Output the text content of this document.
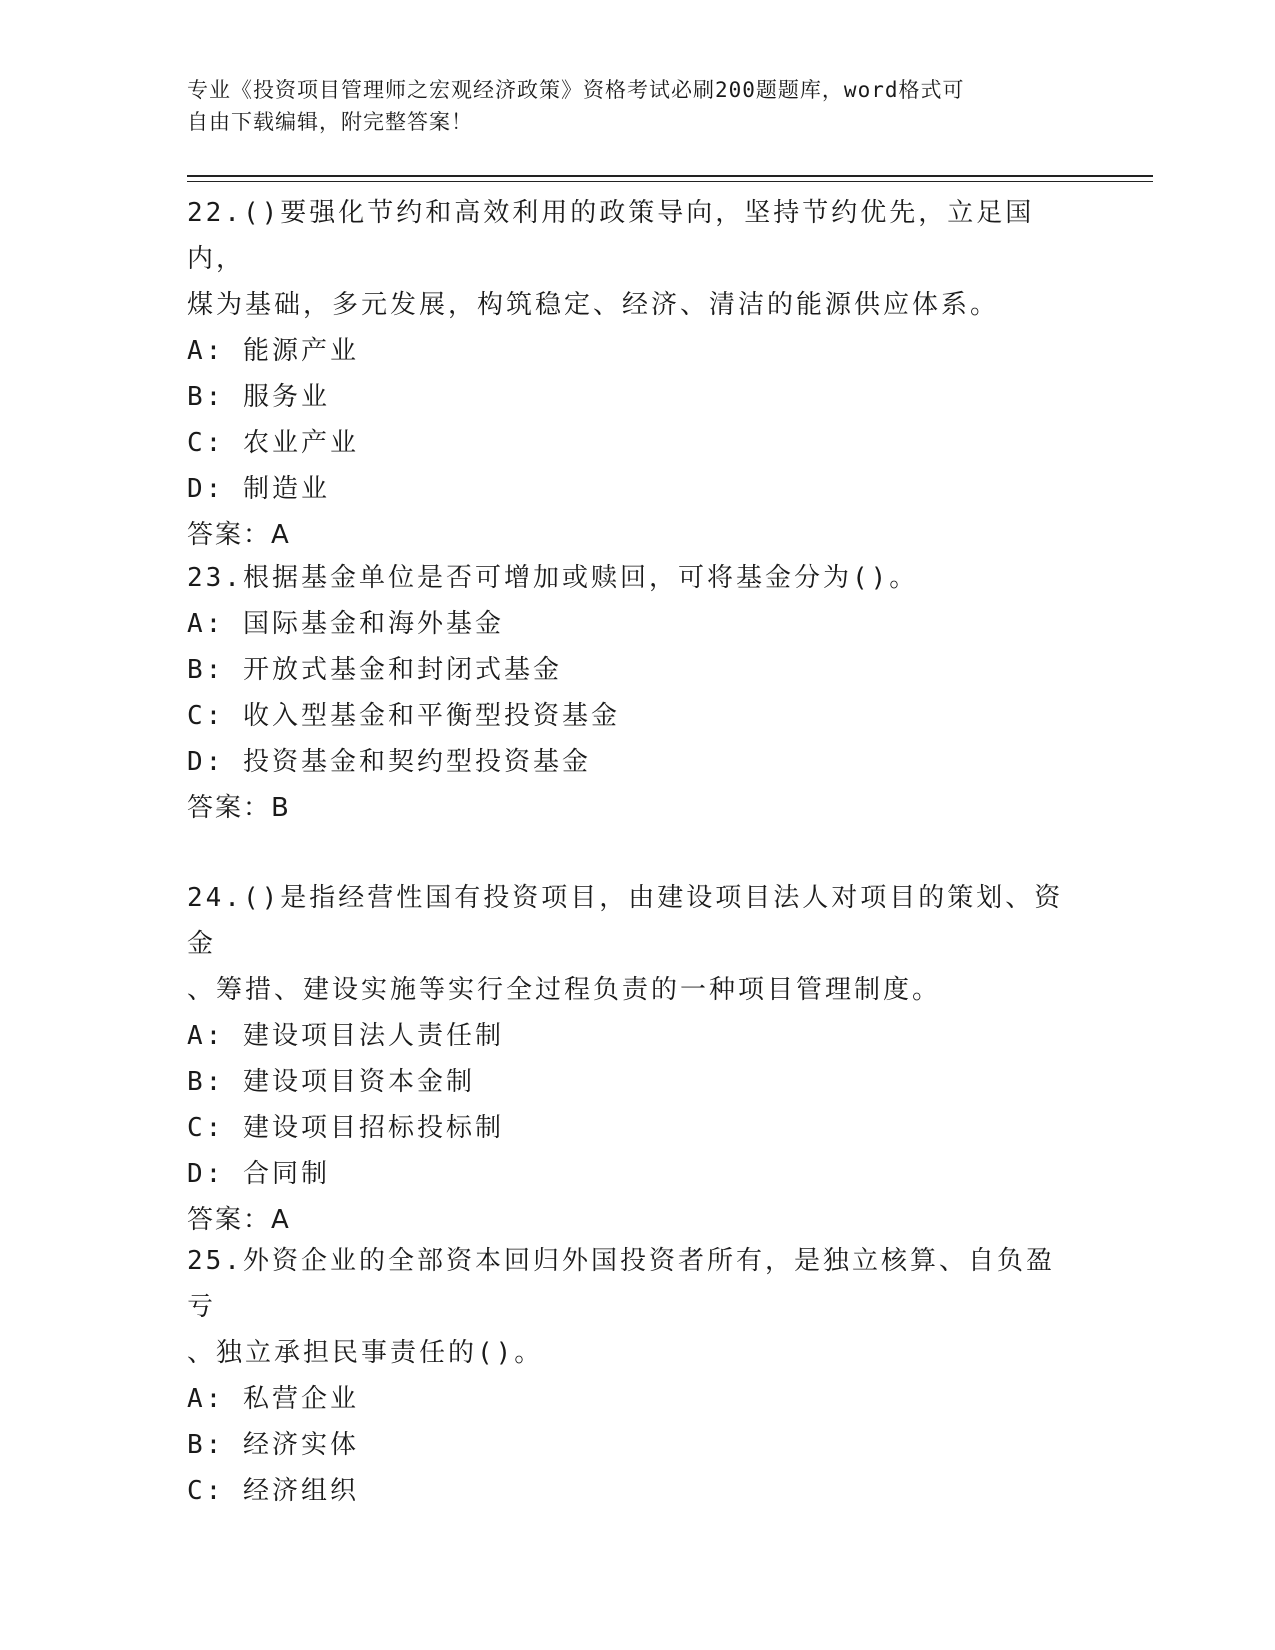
专业《投资项目管理师之宏观经济政策》资格考试必刷200题题库，word格式可
自由下载编辑，附完整答案！
22.()要强化节约和高效利用的政策导向，坚持节约优先，立足国内，
煤为基础，多元发展，构筑稳定、经济、清洁的能源供应体系。
A: 能源产业
B: 服务业
C: 农业产业
D: 制造业
答案：A
23.根据基金单位是否可增加或赎回，可将基金分为()。
A: 国际基金和海外基金
B: 开放式基金和封闭式基金
C: 收入型基金和平衡型投资基金
D: 投资基金和契约型投资基金
答案：B
24.()是指经营性国有投资项目，由建设项目法人对项目的策划、资金
、筹措、建设实施等实行全过程负责的一种项目管理制度。
A: 建设项目法人责任制
B: 建设项目资本金制
C: 建设项目招标投标制
D: 合同制
答案：A
25.外资企业的全部资本回归外国投资者所有，是独立核算、自负盈亏
、独立承担民事责任的()。
A: 私营企业
B: 经济实体
C: 经济组织
